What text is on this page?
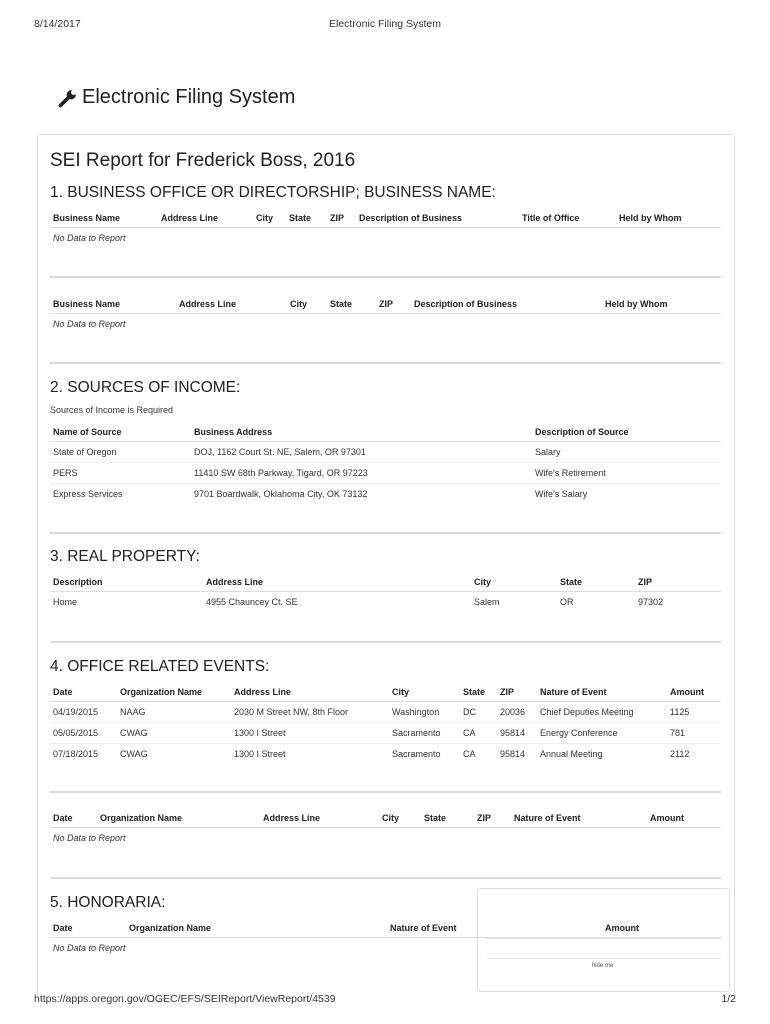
8/14/2017	Electronic Filing System
Electronic Filing System
SEI Report for Frederick Boss, 2016
1. BUSINESS OFFICE OR DIRECTORSHIP; BUSINESS NAME:
Business Name	Address Line	City	State	ZIP	Description of Business	Title of Office	Held by Whom
No Data to Report
Business Name	Address Line	City	State	ZIP	Description of Business	Held by Whom
No Data to Report
2. SOURCES OF INCOME:
Sources of Income is Required
Name of Source	Business Address	Description of Source
State of Oregon	DOJ, 1162 Court St. NE, Salem, OR 97301	Salary
PERS	11410 SW 68th Parkway, Tigard, OR 97223	Wife's Retirement
Express Services	9701 Boardwalk, Oklahoma City, OK 73132	Wife's Salary
3. REAL PROPERTY:
Description	Address Line	City	State	ZIP
Home	4955 Chauncey Ct. SE	Salem	OR	97302
4. OFFICE RELATED EVENTS:
Date	Organization Name	Address Line	City	State	ZIP	Nature of Event	Amount
04/19/2015	NAAG	2030 M Street NW, 8th Floor	Washington	DC	20036	Chief Deputies Meeting	1125
05/05/2015	CWAG	1300 I Street	Sacramento	CA	95814	Energy Conference	781
07/18/2015	CWAG	1300 I Street	Sacramento	CA	95814	Annual Meeting	2112
Date	Organization Name	Address Line	City	State	ZIP	Nature of Event	Amount
No Data to Report
5. HONORARIA:
Date	Organization Name	Nature of Event	Amount
No Data to Report
hide me
https://apps.oregon.gov/OGEC/EFS/SEIReport/ViewReport/4539	1/2
